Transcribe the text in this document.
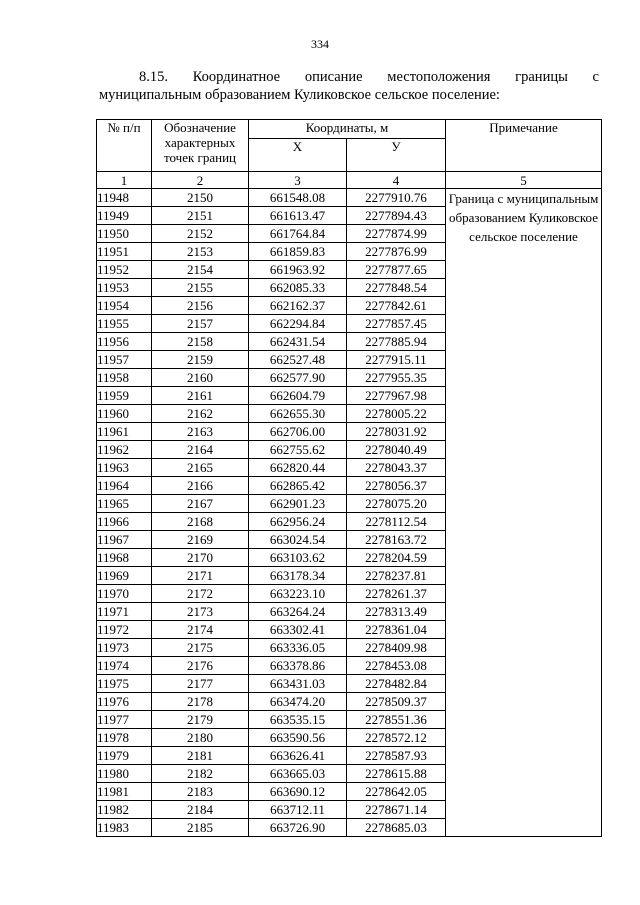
334
8.15. Координатное описание местоположения границы с
муниципальным образованием Куликовское сельское поселение:
№ п/п	Обозначение характерных точек границ	Координаты, м		Примечание
		X	У	
1	2	3	4	5
11948	2150	661548.08	2277910.76	Граница с муниципальным образованием Куликовское сельское поселение
11949	2151	661613.47	2277894.43	
11950	2152	661764.84	2277874.99	
11951	2153	661859.83	2277876.99	
11952	2154	661963.92	2277877.65	
11953	2155	662085.33	2277848.54	
11954	2156	662162.37	2277842.61	
11955	2157	662294.84	2277857.45	
11956	2158	662431.54	2277885.94	
11957	2159	662527.48	2277915.11	
11958	2160	662577.90	2277955.35	
11959	2161	662604.79	2277967.98	
11960	2162	662655.30	2278005.22	
11961	2163	662706.00	2278031.92	
11962	2164	662755.62	2278040.49	
11963	2165	662820.44	2278043.37	
11964	2166	662865.42	2278056.37	
11965	2167	662901.23	2278075.20	
11966	2168	662956.24	2278112.54	
11967	2169	663024.54	2278163.72	
11968	2170	663103.62	2278204.59	
11969	2171	663178.34	2278237.81	
11970	2172	663223.10	2278261.37	
11971	2173	663264.24	2278313.49	
11972	2174	663302.41	2278361.04	
11973	2175	663336.05	2278409.98	
11974	2176	663378.86	2278453.08	
11975	2177	663431.03	2278482.84	
11976	2178	663474.20	2278509.37	
11977	2179	663535.15	2278551.36	
11978	2180	663590.56	2278572.12	
11979	2181	663626.41	2278587.93	
11980	2182	663665.03	2278615.88	
11981	2183	663690.12	2278642.05	
11982	2184	663712.11	2278671.14	
11983	2185	663726.90	2278685.03	
